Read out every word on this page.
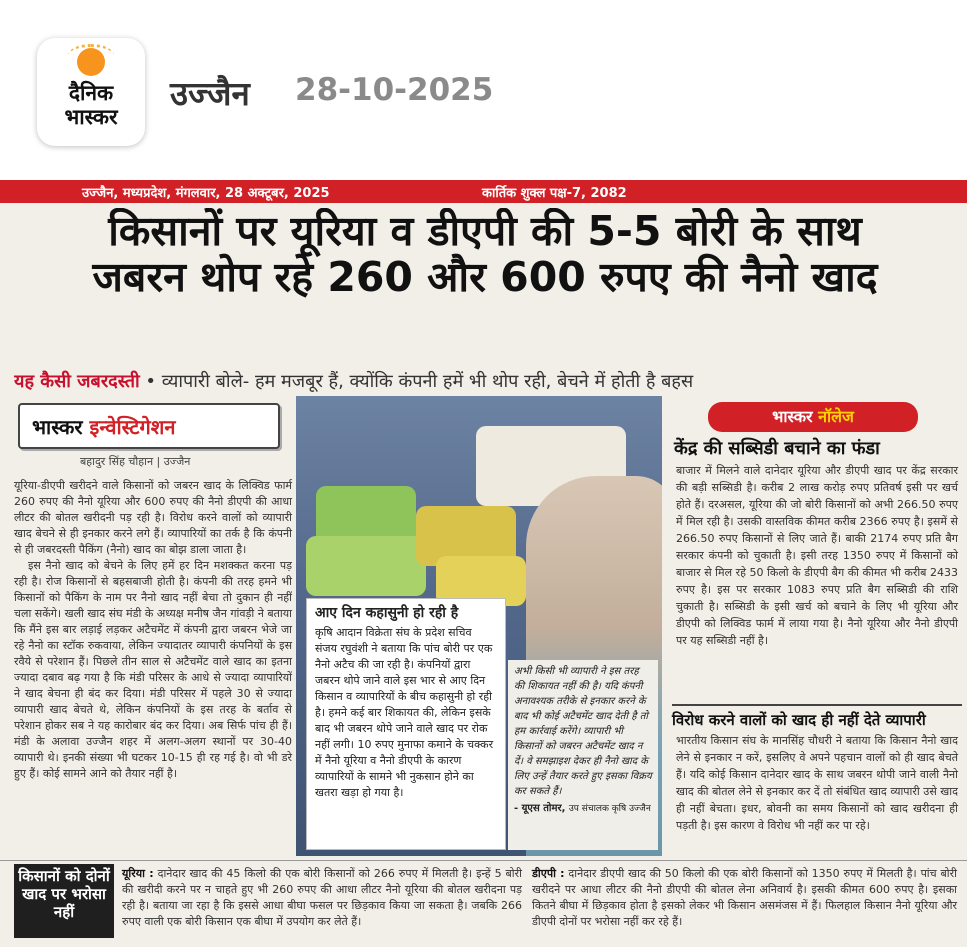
दैनिक
भास्कर
उज्जैन 28-10-2025
उज्जैन, मध्यप्रदेश, मंगलवार, 28 अक्टूबर, 2025	कार्तिक शुक्ल पक्ष-7, 2082
किसानों पर यूरिया व डीएपी की 5-5 बोरी के साथ
जबरन थोप रहे 260 और 600 रुपए की नैनो खाद
यह कैसी जबरदस्ती • व्यापारी बोले- हम मजबूर हैं, क्योंकि कंपनी हमें भी थोप रही, बेचने में होती है बहस
भास्कर इन्वेस्टिगेशन
बहादुर सिंह चौहान | उज्जैन

यूरिया-डीएपी खरीदने वाले किसानों को जबरन खाद के लिक्विड फार्म 260 रुपए की नैनो यूरिया और 600 रुपए की नैनो डीएपी की आधा लीटर की बोतल खरीदनी पड़ रही है। विरोध करने वालों को व्यापारी खाद बेचने से ही इनकार करने लगे हैं। व्यापारियों का तर्क है कि कंपनी से ही जबरदस्ती पैकिंग (नैनो) खाद का बोझ डाला जाता है।

इस नैनो खाद को बेचने के लिए हमें हर दिन मशक्कत करना पड़ रही है। रोज किसानों से बहसबाजी होती है। कंपनी की तरह हमने भी किसानों को पैकिंग के नाम पर नैनो खाद नहीं बेचा तो दुकान ही नहीं चला सकेंगे। खली खाद संघ मंडी के अध्यक्ष मनीष जैन गांवड़ी ने बताया कि मैंने इस बार लड़ाई लड़कर अटैचमेंट में कंपनी द्वारा जबरन भेजे जा रहे नैनो का स्टॉक रुकवाया, लेकिन ज्यादातर व्यापारी कंपनियों के इस रवैये से परेशान हैं। पिछले तीन साल से अटैचमेंट वाले खाद का इतना ज्यादा दबाव बढ़ गया है कि मंडी परिसर के आधे से ज्यादा व्यापारियों ने खाद बेचना ही बंद कर दिया। मंडी परिसर में पहले 30 से ज्यादा व्यापारी खाद बेचते थे, लेकिन कंपनियों के इस तरह के बर्ताव से परेशान होकर सब ने यह कारोबार बंद कर दिया। अब सिर्फ पांच ही हैं। मंडी के अलावा उज्जैन शहर में अलग-अलग स्थानों पर 30-40 व्यापारी थे। इनकी संख्या भी घटकर 10-15 ही रह गई है। वो भी डरे हुए हैं। कोई सामने आने को तैयार नहीं है।

आए दिन कहासुनी हो रही है
कृषि आदान विक्रेता संघ के प्रदेश सचिव संजय रघुवंशी ने बताया कि पांच बोरी पर एक नैनो अटैच की जा रही है। कंपनियों द्वारा जबरन थोपे जाने वाले इस भार से आए दिन किसान व व्यापारियों के बीच कहासुनी हो रही है। हमने कई बार शिकायत की, लेकिन इसके बाद भी जबरन थोपे जाने वाले खाद पर रोक नहीं लगी। 10 रुपए मुनाफा कमाने के चक्कर में नैनो यूरिया व नैनो डीएपी के कारण व्यापारियों के सामने भी नुकसान होने का खतरा खड़ा हो गया है।
अभी किसी भी व्यापारी ने इस तरह की शिकायत नहीं की है। यदि कंपनी अनावश्यक तरीके से इनकार करने के बाद भी कोई अटैचमेंट खाद देती है तो हम कार्रवाई करेंगे। व्यापारी भी किसानों को जबरन अटैचमेंट खाद न दें। वे समझाइश देकर ही नैनो खाद के लिए उन्हें तैयार करते हुए इसका विक्रय कर सकते हैं।
- यूएस तोमर, उप संचालक कृषि उज्जैन
भास्कर नॉलेज
केंद्र की सब्सिडी बचाने का फंडा
बाजार में मिलने वाले दानेदार यूरिया और डीएपी खाद पर केंद्र सरकार की बड़ी सब्सिडी है। करीब 2 लाख करोड़ रुपए प्रतिवर्ष इसी पर खर्च होते हैं। दरअसल, यूरिया की जो बोरी किसानों को अभी 266.50 रुपए में मिल रही है। उसकी वास्तविक कीमत करीब 2366 रुपए है। इसमें से 266.50 रुपए किसानों से लिए जाते हैं। बाकी 2174 रुपए प्रति बैग सरकार कंपनी को चुकाती है। इसी तरह 1350 रुपए में किसानों को बाजार से मिल रहे 50 किलो के डीएपी बैग की कीमत भी करीब 2433 रुपए है। इस पर सरकार 1083 रुपए प्रति बैग सब्सिडी की राशि चुकाती है। सब्सिडी के इसी खर्च को बचाने के लिए भी यूरिया और डीएपी को लिक्विड फार्म में लाया गया है। नैनो यूरिया और नैनो डीएपी पर यह सब्सिडी नहीं है।
विरोध करने वालों को खाद ही नहीं देते व्यापारी
भारतीय किसान संघ के मानसिंह चौधरी ने बताया कि किसान नैनो खाद लेने से इनकार न करें, इसलिए वे अपने पहचान वालों को ही खाद बेचते हैं। यदि कोई किसान दानेदार खाद के साथ जबरन थोपी जाने वाली नैनो खाद की बोतल लेने से इनकार कर दें तो संबंधित खाद व्यापारी उसे खाद ही नहीं बेचता। इधर, बोवनी का समय किसानों को खाद खरीदना ही पड़ती है। इस कारण वे विरोध भी नहीं कर पा रहे।
किसानों को दोनों खाद पर भरोसा नहीं
यूरिया : दानेदार खाद की 45 किलो की एक बोरी किसानों को 266 रुपए में मिलती है। इन्हें 5 बोरी की खरीदी करने पर न चाहते हुए भी 260 रुपए की आधा लीटर नैनो यूरिया की बोतल खरीदना पड़ रही है। बताया जा रहा है कि इससे आधा बीघा फसल पर छिड़काव किया जा सकता है। जबकि 266 रुपए वाली एक बोरी किसान एक बीघा में उपयोग कर लेते हैं।
डीएपी : दानेदार डीएपी खाद की 50 किलो की एक बोरी किसानों को 1350 रुपए में मिलती है। पांच बोरी खरीदने पर आधा लीटर की नैनो डीएपी की बोतल लेना अनिवार्य है। इसकी कीमत 600 रुपए है। इसका कितने बीघा में छिड़काव होता है इसको लेकर भी किसान असमंजस में हैं। फिलहाल किसान नैनो यूरिया और डीएपी दोनों पर भरोसा नहीं कर रहे हैं।
